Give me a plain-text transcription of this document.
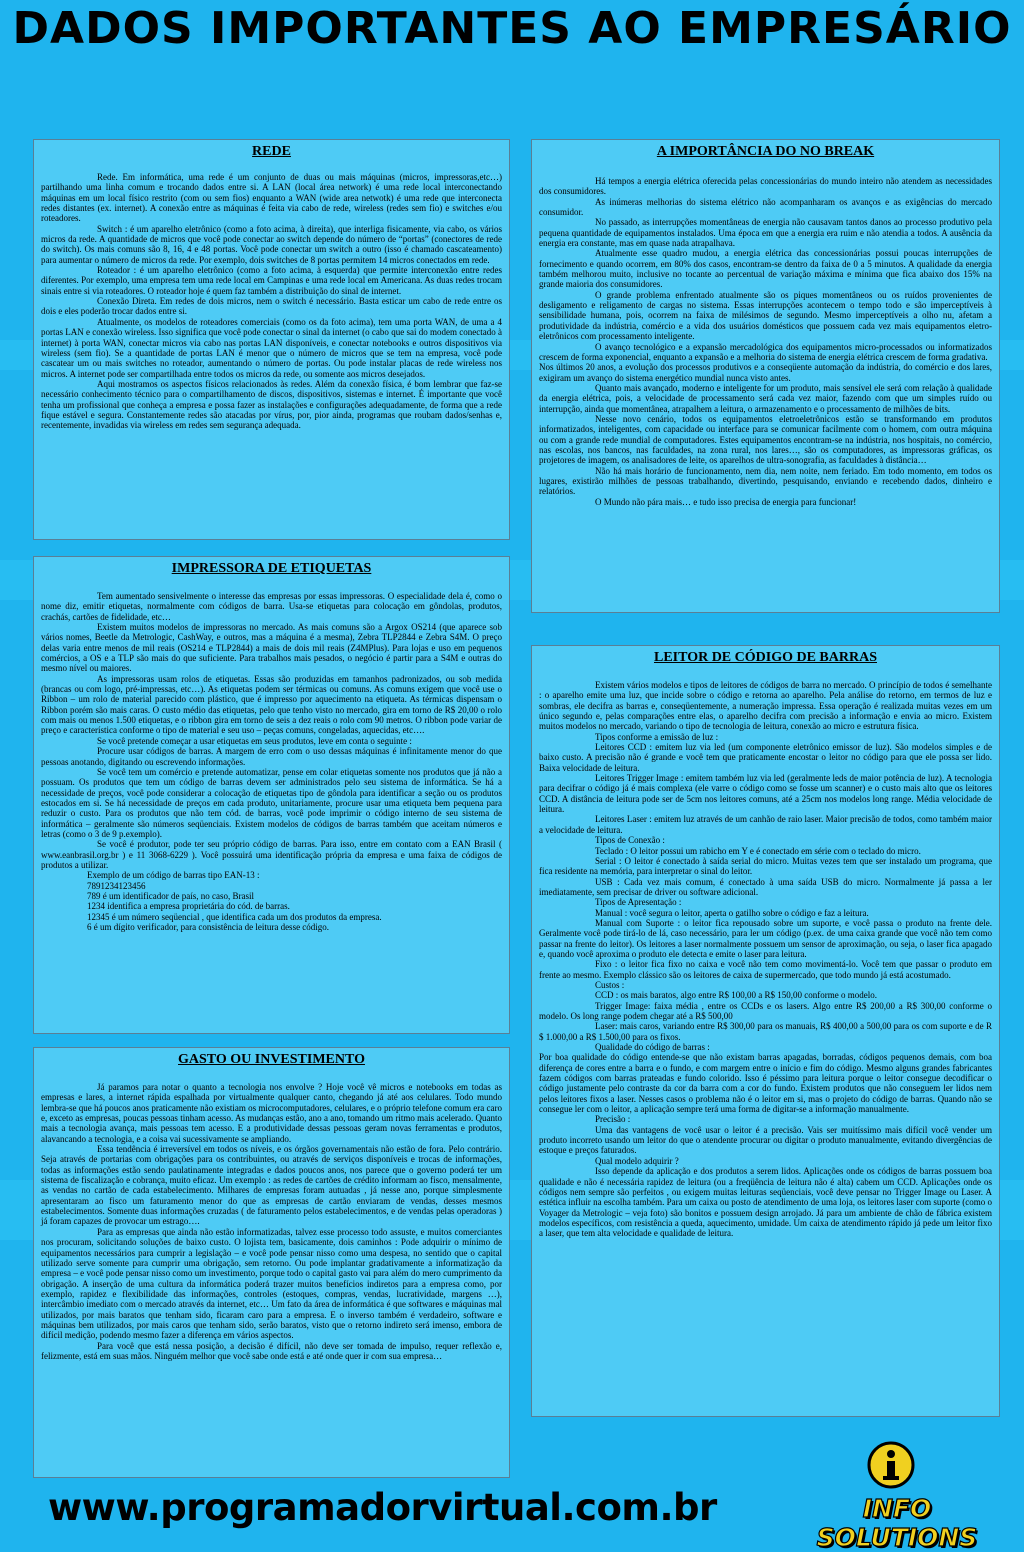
DADOS IMPORTANTES AO EMPRESÁRIO
REDE

Rede. Em informática, uma rede é um conjunto de duas ou mais máquinas (micros, impressoras,etc…) partilhando uma linha comum e trocando dados entre si. A LAN (local área network) é uma rede local interconectando máquinas em um local físico restrito (com ou sem fios) enquanto a WAN (wide area netwotk) é uma rede que interconecta redes distantes (ex. internet). A conexão entre as máquinas é feita via cabo de rede, wireless (redes sem fio) e switches e/ou roteadores.

Switch : é um aparelho eletrônico (como a foto acima, à direita), que interliga fisicamente, via cabo, os vários micros da rede. A quantidade de micros que você pode conectar ao switch depende do número de “portas” (conectores de rede do switch). Os mais comuns são 8, 16, 4 e 48 portas. Você pode conectar um switch a outro (isso é chamado cascateamento) para aumentar o número de micros da rede. Por exemplo, dois switches de 8 portas permitem 14 micros conectados em rede.

Roteador : é um aparelho eletrônico (como a foto acima, à esquerda) que permite interconexão entre redes diferentes. Por exemplo, uma empresa tem uma rede local em Campinas e uma rede local em Americana. As duas redes trocam sinais entre si via roteadores. O roteador hoje é quem faz também a distribuição do sinal de internet.

Conexão Direta. Em redes de dois micros, nem o switch é necessário. Basta esticar um cabo de rede entre os dois e eles poderão trocar dados entre si.

Atualmente, os modelos de roteadores comerciais (como os da foto acima), tem uma porta WAN, de uma a 4 portas LAN e conexão wireless. Isso significa que você pode conectar o sinal da internet (o cabo que sai do modem conectado à internet) à porta WAN, conectar micros via cabo nas portas LAN disponíveis, e conectar notebooks e outros dispositivos via wireless (sem fio). Se a quantidade de portas LAN é menor que o número de micros que se tem na empresa, você pode cascatear um ou mais switches no roteador, aumentando o número de portas. Ou pode instalar placas de rede wireless nos micros. A internet pode ser compartilhada entre todos os micros da rede, ou somente aos micros desejados.

Aqui mostramos os aspectos físicos relacionados às redes. Além da conexão física, é bom lembrar que faz-se necessário conhecimento técnico para o compartilhamento de discos, dispositivos, sistemas e internet. É importante que você tenha um profissional que conheça a empresa e possa fazer as instalações e configurações adequadamente, de forma que a rede fique estável e segura. Constantemente redes são atacadas por vírus, por, pior ainda, programas que roubam dados/senhas e, recentemente, invadidas via wireless em redes sem segurança adequada.

IMPRESSORA DE ETIQUETAS

Tem aumentado sensivelmente o interesse das empresas por essas impressoras. O especialidade dela é, como o nome diz, emitir etiquetas, normalmente com códigos de barra. Usa-se etiquetas para colocação em gôndolas, produtos, crachás, cartões de fidelidade, etc…

Existem muitos modelos de impressoras no mercado. As mais comuns são a Argox OS214 (que aparece sob vários nomes, Beetle da Metrologic, CashWay, e outros, mas a máquina é a mesma), Zebra TLP2844 e Zebra S4M. O preço delas varia entre menos de mil reais (OS214 e TLP2844) a mais de dois mil reais (Z4MPlus). Para lojas e uso em pequenos comércios, a OS e a TLP são mais do que suficiente. Para trabalhos mais pesados, o negócio é partir para a S4M e outras do mesmo nível ou maiores.

As impressoras usam rolos de etiquetas. Essas são produzidas em tamanhos padronizados, ou sob medida (brancas ou com logo, pré-impressas, etc…). As etiquetas podem ser térmicas ou comuns. As comuns exigem que você use o Ribbon – um rolo de material parecido com plástico, que é impresso por aquecimento na etiqueta. As térmicas dispensam o Ribbon porém são mais caras. O custo médio das etiquetas, pelo que tenho visto no mercado, gira em torno de R$ 20,00 o rolo com mais ou menos 1.500 etiquetas, e o ribbon gira em torno de seis a dez reais o rolo com 90 metros. O ribbon pode variar de preço e característica conforme o tipo de material e seu uso – peças comuns, congeladas, aquecidas, etc….

Se você pretende começar a usar etiquetas em seus produtos, leve em conta o seguinte :

Procure usar códigos de barras. A margem de erro com o uso dessas máquinas é infinitamente menor do que pessoas anotando, digitando ou escrevendo informações.

Se você tem um comércio e pretende automatizar, pense em colar etiquetas somente nos produtos que já não a possuam. Os produtos que tem um código de barras devem ser administrados pelo seu sistema de informática. Se há a necessidade de preços, você pode considerar a colocação de etiquetas tipo de gôndola para identificar a seção ou os produtos estocados em si. Se há necessidade de preços em cada produto, unitariamente, procure usar uma etiqueta bem pequena para reduzir o custo. Para os produtos que não tem cód. de barras, você pode imprimir o código interno de seu sistema de informática – geralmente são números seqüenciais. Existem modelos de códigos de barras também que aceitam números e letras (como o 3 de 9 p.exemplo).

Se você é produtor, pode ter seu próprio código de barras. Para isso, entre em contato com a EAN Brasil ( www.eanbrasil.org.br ) e 11 3068-6229 ). Você possuirá uma identificação própria da empresa e uma faixa de códigos de produtos a utilizar.

Exemplo de um código de barras tipo EAN-13 :

7891234123456

789 é um identificador de país, no caso, Brasil

1234 identifica a empresa proprietária do cód. de barras.

12345 é um número seqüencial , que identifica cada um dos produtos da empresa.

6 é um dígito verificador, para consistência de leitura desse código.

GASTO OU INVESTIMENTO

Já paramos para notar o quanto a tecnologia nos envolve ? Hoje você vê micros e notebooks em todas as empresas e lares, a internet rápida espalhada por virtualmente qualquer canto, chegando já até aos celulares. Todo mundo lembra-se que há poucos anos praticamente não existiam os microcomputadores, celulares, e o próprio telefone comum era caro e, exceto as empresas, poucas pessoas tinham acesso. As mudanças estão, ano a ano, tomando um ritmo mais acelerado. Quanto mais a tecnologia avança, mais pessoas tem acesso. E a produtividade dessas pessoas geram novas ferramentas e produtos, alavancando a tecnologia, e a coisa vai sucessivamente se ampliando.

Essa tendência é irreversível em todos os níveis, e os órgãos governamentais não estão de fora. Pelo contrário. Seja através de portarias com obrigações para os contribuintes, ou através de serviços disponíveis e trocas de informações, todas as informações estão sendo paulatinamente integradas e dados poucos anos, nos parece que o governo poderá ter um sistema de fiscalização e cobrança, muito eficaz. Um exemplo : as redes de cartões de crédito informam ao fisco, mensalmente, as vendas no cartão de cada estabelecimento. Milhares de empresas foram autuadas , já nesse ano, porque simplesmente apresentaram ao fisco um faturamento menor do que as empresas de cartão enviaram de vendas, desses mesmos estabelecimentos. Somente duas informações cruzadas ( de faturamento pelos estabelecimentos, e de vendas pelas operadoras ) já foram capazes de provocar um estrago….

Para as empresas que ainda não estão informatizadas, talvez esse processo todo assuste, e muitos comerciantes nos procuram, solicitando soluções de baixo custo. O lojista tem, basicamente, dois caminhos : Pode adquirir o mínimo de equipamentos necessários para cumprir a legislação – e você pode pensar nisso como uma despesa, no sentido que o capital utilizado serve somente para cumprir uma obrigação, sem retorno. Ou pode implantar gradativamente a informatização da empresa – e você pode pensar nisso como um investimento, porque todo o capital gasto vai para além do mero cumprimento da obrigação. A inserção de uma cultura da informática poderá trazer muitos benefícios indiretos para a empresa como, por exemplo, rapidez e flexibilidade das informações, controles (estoques, compras, vendas, lucratividade, margens …), intercâmbio imediato com o mercado através da internet, etc… Um fato da área de informática é que softwares e máquinas mal utilizados, por mais baratos que tenham sido, ficaram caro para a empresa. E o inverso também é verdadeiro, software e máquinas bem utilizados, por mais caros que tenham sido, serão baratos, visto que o retorno indireto será imenso, embora de difícil medição, podendo mesmo fazer a diferença em vários aspectos.

Para você que está nessa posição, a decisão é difícil, não deve ser tomada de impulso, requer reflexão e, felizmente, está em suas mãos. Ninguém melhor que você sabe onde está e até onde quer ir com sua empresa…

A IMPORTÂNCIA DO NO BREAK

Há tempos a energia elétrica oferecida pelas concessionárias do mundo inteiro não atendem as necessidades dos consumidores.

As inúmeras melhorias do sistema elétrico não acompanharam os avanços e as exigências do mercado consumidor.

No passado, as interrupções momentâneas de energia não causavam tantos danos ao processo produtivo pela pequena quantidade de equipamentos instalados. Uma época em que a energia era ruim e não atendia a todos. A ausência da energia era constante, mas em quase nada atrapalhava.

Atualmente esse quadro mudou, a energia elétrica das concessionárias possui poucas interrupções de fornecimento e quando ocorrem, em 80% dos casos, encontram-se dentro da faixa de 0 a 5 minutos. A qualidade da energia também melhorou muito, inclusive no tocante ao percentual de variação máxima e mínima que fica abaixo dos 15% na grande maioria dos consumidores.

O grande problema enfrentado atualmente são os piques momentâneos ou os ruídos provenientes de desligamento e religamento de cargas no sistema. Essas interrupções acontecem o tempo todo e são imperceptíveis à sensibilidade humana, pois, ocorrem na faixa de milésimos de segundo. Mesmo imperceptíveis a olho nu, afetam a produtividade da indústria, comércio e a vida dos usuários domésticos que possuem cada vez mais equipamentos eletro-eletrônicos com processamento inteligente.

O avanço tecnológico e a expansão mercadológica dos equipamentos micro-processados ou informatizados crescem de forma exponencial, enquanto a expansão e a melhoria do sistema de energia elétrica crescem de forma gradativa.

Nos últimos 20 anos, a evolução dos processos produtivos e a conseqüente automação da indústria, do comércio e dos lares, exigiram um avanço do sistema energético mundial nunca visto antes.

Quanto mais avançado, moderno e inteligente for um produto, mais sensível ele será com relação à qualidade da energia elétrica, pois, a velocidade de processamento será cada vez maior, fazendo com que um simples ruído ou interrupção, ainda que momentânea, atrapalhem a leitura, o armazenamento e o processamento de milhões de bits.

Nesse novo cenário, todos os equipamentos eletroeletrônicos estão se transformando em produtos informatizados, inteligentes, com capacidade ou interface para se comunicar facilmente com o homem, com outra máquina ou com a grande rede mundial de computadores. Estes equipamentos encontram-se na indústria, nos hospitais, no comércio, nas escolas, nos bancos, nas faculdades, na zona rural, nos lares…, são os computadores, as impressoras gráficas, os projetores de imagem, os analisadores de leite, os aparelhos de ultra-sonografia, as faculdades à distância…

Não há mais horário de funcionamento, nem dia, nem noite, nem feriado. Em todo momento, em todos os lugares, existirão milhões de pessoas trabalhando, divertindo, pesquisando, enviando e recebendo dados, dinheiro e relatórios.

O Mundo não pára mais… e tudo isso precisa de energia para funcionar!

LEITOR DE CÓDIGO DE BARRAS

Existem vários modelos e tipos de leitores de códigos de barra no mercado. O princípio de todos é semelhante : o aparelho emite uma luz, que incide sobre o código e retorna ao aparelho. Pela análise do retorno, em termos de luz e sombras, ele decifra as barras e, conseqüentemente, a numeração impressa. Essa operação é realizada muitas vezes em um único segundo e, pelas comparações entre elas, o aparelho decifra com precisão a informação e envia ao micro. Existem muitos modelos no mercado, variando o tipo de tecnologia de leitura, conexão ao micro e estrutura física.

Tipos conforme a emissão de luz :

Leitores CCD : emitem luz via led (um componente eletrônico emissor de luz). São modelos simples e de baixo custo. A precisão não é grande e você tem que praticamente encostar o leitor no código para que ele possa ser lido. Baixa velocidade de leitura.

Leitores Trigger Image : emitem também luz via led (geralmente leds de maior potência de luz). A tecnologia para decifrar o código já é mais complexa (ele varre o código como se fosse um scanner) e o custo mais alto que os leitores CCD. A distância de leitura pode ser de 5cm nos leitores comuns, até a 25cm nos modelos long range. Média velocidade de leitura.

Leitores Laser : emitem luz através de um canhão de raio laser. Maior precisão de todos, como também maior a velocidade de leitura.

Tipos de Conexão :

Teclado : O leitor possui um rabicho em Y e é conectado em série com o teclado do micro.

Serial : O leitor é conectado à saída serial do micro. Muitas vezes tem que ser instalado um programa, que fica residente na memória, para interpretar o sinal do leitor.

USB : Cada vez mais comum, é conectado à uma saída USB do micro. Normalmente já passa a ler imediatamente, sem precisar de driver ou software adicional.

Tipos de Apresentação :

Manual : você segura o leitor, aperta o gatilho sobre o código e faz a leitura.

Manual com Suporte : o leitor fica repousado sobre um suporte, e você passa o produto na frente dele. Geralmente você pode tirá-lo de lá, caso necessário, para ler um código (p.ex. de uma caixa grande que você não tem como passar na frente do leitor). Os leitores a laser normalmente possuem um sensor de aproximação, ou seja, o laser fica apagado e, quando você aproxima o produto ele detecta e emite o laser para leitura.

Fixo : o leitor fica fixo no caixa e você não tem como movimentá-lo. Você tem que passar o produto em frente ao mesmo. Exemplo clássico são os leitores de caixa de supermercado, que todo mundo já está acostumado.

Custos :

CCD : os mais baratos, algo entre R$ 100,00 a R$ 150,00 conforme o modelo.

Trigger Image: faixa média , entre os CCDs e os lasers. Algo entre R$ 200,00 a R$ 300,00 conforme o modelo. Os long range podem chegar até a R$ 500,00

Laser: mais caros, variando entre R$ 300,00 para os manuais, R$ 400,00 a 500,00 para os com suporte e de R $ 1.000,00 a R$ 1.500,00 para os fixos.

Qualidade do código de barras :

Por boa qualidade do código entende-se que não existam barras apagadas, borradas, códigos pequenos demais, com boa diferença de cores entre a barra e o fundo, e com margem entre o início e fim do código. Mesmo alguns grandes fabricantes fazem códigos com barras prateadas e fundo colorido. Isso é péssimo para leitura porque o leitor consegue decodificar o código justamente pelo contraste da cor da barra com a cor do fundo. Existem produtos que não conseguem ler lidos nem pelos leitores fixos a laser. Nesses casos o problema não é o leitor em si, mas o projeto do código de barras. Quando não se consegue ler com o leitor, a aplicação sempre terá uma forma de digitar-se a informação manualmente.

Precisão :

Uma das vantagens de você usar o leitor é a precisão. Vais ser muitíssimo mais difícil você vender um produto incorreto usando um leitor do que o atendente procurar ou digitar o produto manualmente, evitando divergências de estoque e preços faturados.

Qual modelo adquirir ?

Isso depende da aplicação e dos produtos a serem lidos. Aplicações onde os códigos de barras possuem boa qualidade e não é necessária rapidez de leitura (ou a freqüência de leitura não é alta) cabem um CCD. Aplicações onde os códigos nem sempre são perfeitos , ou exigem muitas leituras seqüenciais, você deve pensar no Trigger Image ou Laser. A estética influir na escolha também. Para um caixa ou posto de atendimento de uma loja, os leitores laser com suporte (como o Voyager da Metrologic – veja foto) são bonitos e possuem design arrojado. Já para um ambiente de chão de fábrica existem modelos específicos, com resistência a queda, aquecimento, umidade. Um caixa de atendimento rápido já pede um leitor fixo a laser, que tem alta velocidade e qualidade de leitura.

www.programadorvirtual.com.br	INFO SOLUTIONS
